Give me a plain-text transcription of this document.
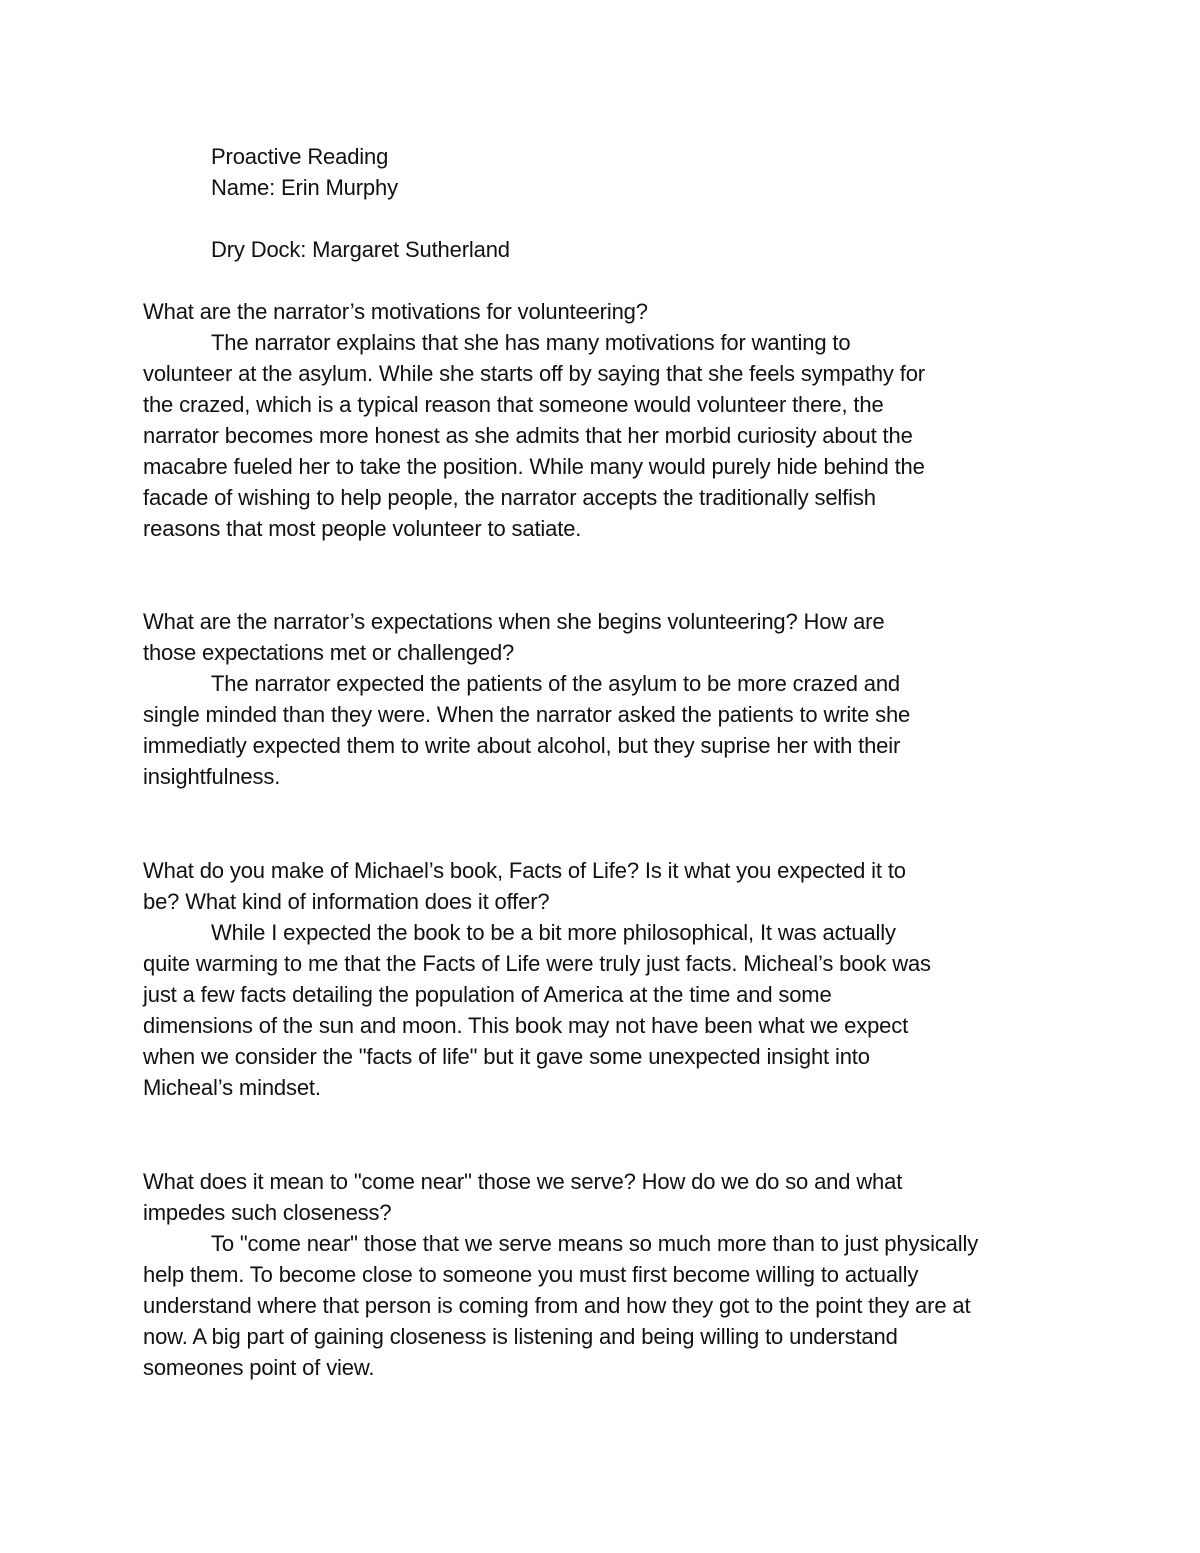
Proactive Reading
Name: Erin Murphy
Dry Dock: Margaret Sutherland
What are the narrator’s motivations for volunteering?
The narrator explains that she has many motivations for wanting to
volunteer at the asylum. While she starts off by saying that she feels sympathy for
the crazed, which is a typical reason that someone would volunteer there, the
narrator becomes more honest as she admits that her morbid curiosity about the
macabre fueled her to take the position. While many would purely hide behind the
facade of wishing to help people, the narrator accepts the traditionally selfish
reasons that most people volunteer to satiate.
What are the narrator’s expectations when she begins volunteering? How are
those expectations met or challenged?
The narrator expected the patients of the asylum to be more crazed and
single minded than they were. When the narrator asked the patients to write she
immediatly expected them to write about alcohol, but they suprise her with their
insightfulness.
What do you make of Michael’s book, Facts of Life? Is it what you expected it to
be? What kind of information does it offer?
While I expected the book to be a bit more philosophical, It was actually
quite warming to me that the Facts of Life were truly just facts. Micheal’s book was
just a few facts detailing the population of America at the time and some
dimensions of the sun and moon. This book may not have been what we expect
when we consider the "facts of life" but it gave some unexpected insight into
Micheal’s mindset.
What does it mean to "come near" those we serve? How do we do so and what
impedes such closeness?
To "come near" those that we serve means so much more than to just physically
help them. To become close to someone you must first become willing to actually
understand where that person is coming from and how they got to the point they are at
now. A big part of gaining closeness is listening and being willing to understand
someones point of view.
